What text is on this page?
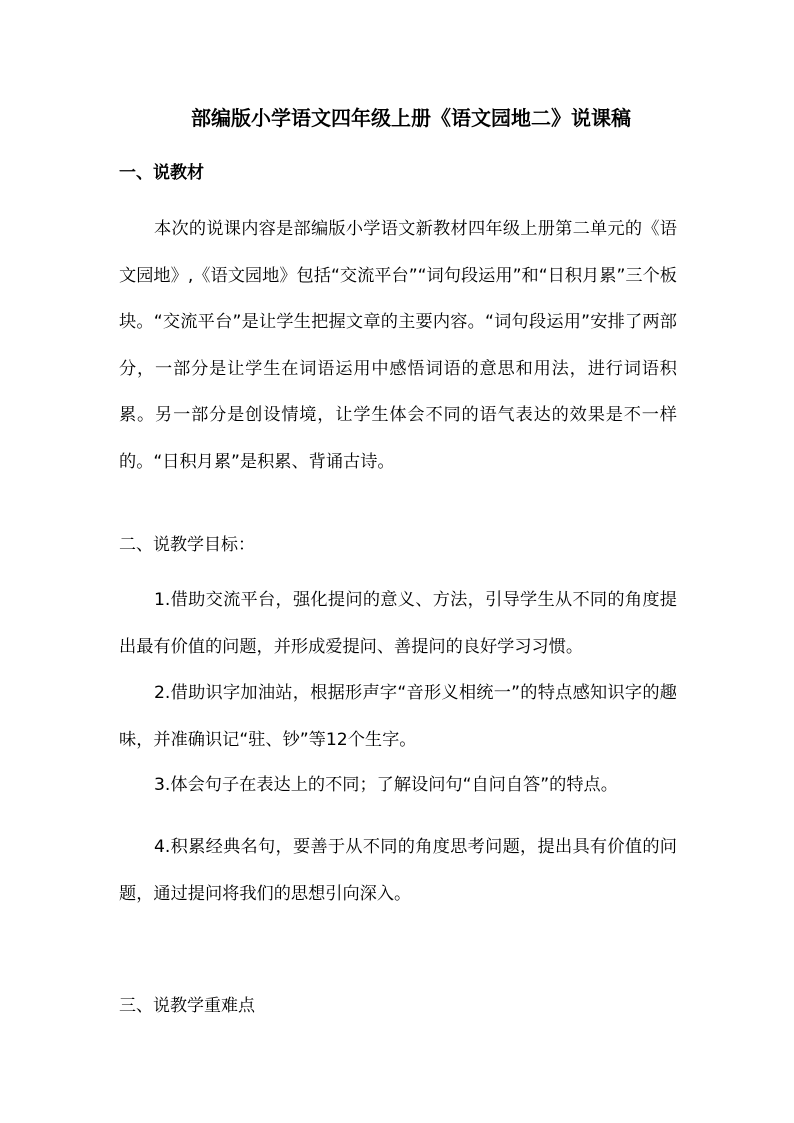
部编版小学语文四年级上册《语文园地二》说课稿
一、说教材
本次的说课内容是部编版小学语文新教材四年级上册第二单元的《语文园地》,《语文园地》包括“交流平台”“词句段运用”和“日积月累”三个板块。“交流平台”是让学生把握文章的主要内容。“词句段运用”安排了两部分，一部分是让学生在词语运用中感悟词语的意思和用法，进行词语积累。另一部分是创设情境，让学生体会不同的语气表达的效果是不一样的。“日积月累”是积累、背诵古诗。
二、说教学目标：
1.借助交流平台，强化提问的意义、方法，引导学生从不同的角度提出最有价值的问题，并形成爱提问、善提问的良好学习习惯。
2.借助识字加油站，根据形声字“音形义相统一”的特点感知识字的趣味，并准确识记“驻、钞”等12个生字。
3.体会句子在表达上的不同；了解设问句“自问自答”的特点。
4.积累经典名句，要善于从不同的角度思考问题，提出具有价值的问题，通过提问将我们的思想引向深入。
三、说教学重难点
